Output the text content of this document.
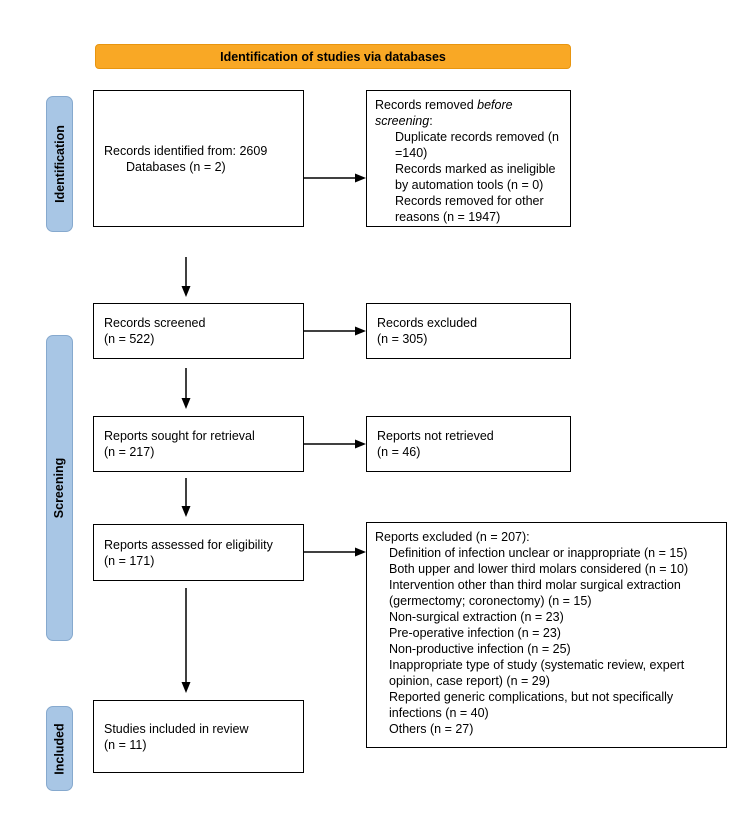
Identification of studies via databases
Identification
Screening
Included
Records identified from: 2609
Databases (n = 2)
Records removed before screening:
Duplicate records removed (n =140)
Records marked as ineligible by automation tools (n = 0)
Records removed for other reasons (n = 1947)
Records screened
(n = 522)
Records excluded
(n = 305)
Reports sought for retrieval
(n = 217)
Reports not retrieved
(n = 46)
Reports assessed for eligibility
(n = 171)
Reports excluded (n = 207):
Definition of infection unclear or inappropriate (n = 15)
Both upper and lower third molars considered (n = 10)
Intervention other than third molar surgical extraction (germectomy; coronectomy) (n = 15)
Non-surgical extraction (n = 23)
Pre-operative infection (n = 23)
Non-productive infection (n = 25)
Inappropriate type of study (systematic review, expert opinion, case report) (n = 29)
Reported generic complications, but not specifically infections (n = 40)
Others (n = 27)
Studies included in review
(n = 11)
